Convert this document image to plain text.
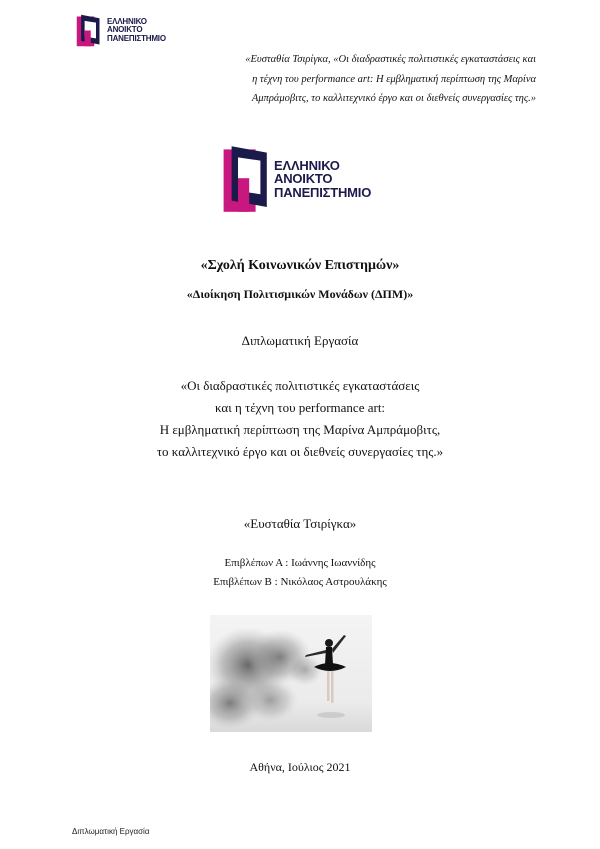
ΕΛΛΗΝΙΚΟ
ΑΝΟΙΚΤΟ
ΠΑΝΕΠΙΣΤΗΜΙΟ
«Ευσταθία Τσιρίγκα, «Οι διαδραστικές πολιτιστικές εγκαταστάσεις και
η τέχνη του performance art: Η εμβληματική περίπτωση της Μαρίνα
Αμπράμοβιτς, το καλλιτεχνικό έργο και οι διεθνείς συνεργασίες της.»
ΕΛΛΗΝΙΚΟ
ΑΝΟΙΚΤΟ
ΠΑΝΕΠΙΣΤΗΜΙΟ
«Σχολή Κοινωνικών Επιστημών»
«Διοίκηση Πολιτισμικών Μονάδων (ΔΠΜ)»
Διπλωματική Εργασία
«Οι διαδραστικές πολιτιστικές εγκαταστάσεις
και η τέχνη του performance art:
Η εμβληματική περίπτωση της Μαρίνα Αμπράμοβιτς,
το καλλιτεχνικό έργο και οι διεθνείς συνεργασίες της.»
«Ευσταθία Τσιρίγκα»
Επιβλέπων Α : Ιωάννης Ιωαννίδης
Επιβλέπων Β : Νικόλαος Αστρουλάκης
Αθήνα, Ιούλιος 2021
Διπλωματική Εργασία
